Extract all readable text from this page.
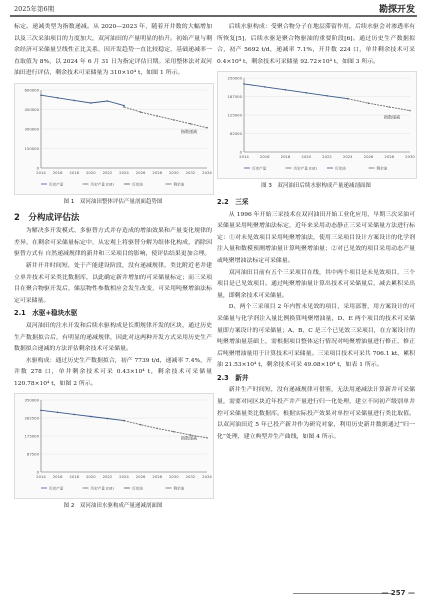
2025年第6期	勘探开发

标定。递减类型为指数递减。从 2020—2023 年，随着开井数的大幅增加以及三次采油项目的力度加大，双河油田的产量明显的抬升。初始产量与剩余经济可采储量呈线性正比关系，因开发趋势一直比较稳定，基础递减率一直取值为 8%，以 2024 年 6 月 31 日为指定评估日期。采用整体法对双河油田进行评估，剩余技术可采储量为 310×10⁴ t，如图 1 所示。

0
150000
300000
450000
600000
2014 2016 2018 2020 2022 2024 2026 2028 2030 2032 2034
指数递减
历史产量	历史产量 (t/d)	历史油	剩余油
图 1　双河油田整体评估产量剖面趋势图
2　分构成评估法

为解决多开发模式、多驱替方式并存造成的增油效果和产量变化规律的差异，在剩余可采储量标定中，从宏观上将驱替分解为组体化构成，消除因驱替方式有 自然递减规律的新井和三采项目的影响，使评估结果更加合理。

新井开井时间短，处于产能建设阶段，没有递减规律，类比附近老井建立单井技术可采类比数据库，以此确定新井增加的可采储量标定；而三采项目在聚合物驱开发后，储层物性参数相应会发生改变，可采用吨聚增油法标定可采储量。

2.1　水驱+稳块水驱

双河油田的注水开发和后续水驱构成是长期规律开发的区块，通过历史生产数据拟合后，有明显的递减规律，因此对这两种开发方式采用历史生产数据拟合递减的方法评估剩余技术可采储量。

水驱构成：通过历史生产数据拟合，初产 7739 t/d，递减率 7.4%，开井数 278 口，单井剩余技术可采 0.43×10⁴ t，剩余技术可采储量 120.78×10⁴ t，如图 2 所示。

0
87500
175000
262500
350000
2014 2016 2018 2020 2022 2024 2026 2028 2030 2032 2034
指数递减
历史产量	历史产量 (t/d)	历史油	剩余油
图 2　双河油田水驱构成产量递减剖面图

后续水驱构成：受聚合物分子在地层滞留作用，后续水驱会对渗透率有所恢复[5]，后续水驱是聚合物驱油的重要阶段[6]。通过历史生产数据拟合，初产 5692 t/d，递减率 7.1%，开井数 224 口，单井剩余技术可采 0.4×10⁴ t，剩余技术可采储量 92.72×10⁴ t，如图 3 所示。

0
62500
125000
187500
250000
2014	2016	2018	2020	2022	2024	2026	2028	2030
指数递减
历史产量	历史产量 (t/d)	历史油	剩余油
图 3　双河油田后续水驱构成产量递减剖面图
2.2　三采

从 1996 年开始三采技术在双河油田开始工业化应用，早期三次采油可采储量采用吨聚增油法标定，近年来采用动态静正三采可采储量方法进行标定：①对未见效项目采用吨聚增油法，使用三采项目设计方案设计的化学剂注入量和数模预测增油量计算吨聚增油量；②对已见效的项目采用动态产量或吨聚增油法标定可采储量。

双河油田目前有五个三采项目在线，其中两个项目是未见效项目，三个项目是已见效项目。通过吨聚增油量计算出技术可采储量后，减去累积采出量，即剩余技术可采储量。

D、两个三采项目 2 年内暂未见效的项目，采用部署，用方案设计的可采储量与化学剂注入量比例换算吨聚增油量，D、E 两个项目的技术可采储量即方案设计的可采储量；A、B、C 是三个已见效三采项目，在方案设计的吨聚增油量基础上，需根据项目整体运行情况对吨聚增油量进行修正，修正后吨聚增油量用于计算技术可采储量。三采项目技术可采共 706.1 kt，累积油 21.53×10⁴ t，剩余技术可采 49.08×10⁴ t，如表 1 所示。

2.3　新井

新井生产时间短，没有递减规律可借鉴，无法用递减法计算新井可采储量，需要对同区块近年投产井产量进行归一化处理，建立不同初产级别单井控可采储量类比数据库。根据实际投产效果对单控可采储量进行类比取值。以双河油田近 5 年已投产新井作为研究对象，利用历史新井数据通过“归一化”处理，建立典型井生产曲线，如图 4 所示。

— 257 —
